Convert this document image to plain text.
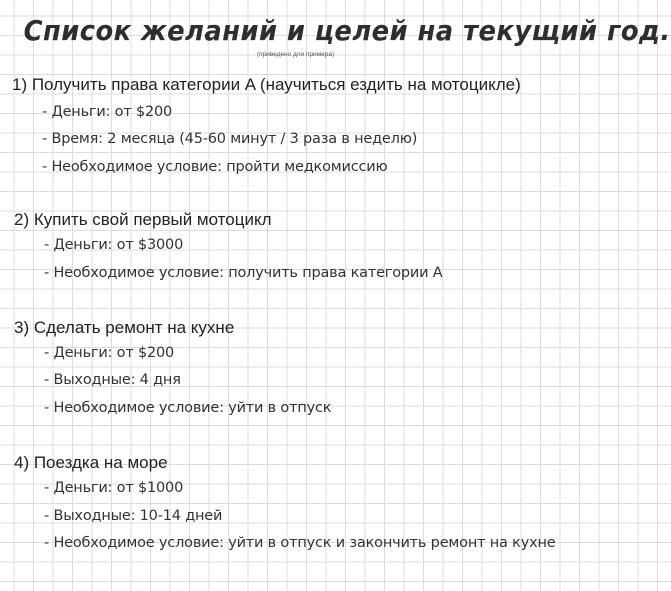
Список желаний и целей на текущий год.
(приведено для примера)
1) Получить права категории A (научиться ездить на мотоцикле)
- Деньги: от $200
- Время: 2 месяца (45-60 минут / 3 раза в неделю)
- Необходимое условие: пройти медкомиссию
2) Купить свой первый мотоцикл
- Деньги: от $3000
- Необходимое условие: получить права категории А
3) Сделать ремонт на кухне
- Деньги: от $200
- Выходные: 4 дня
- Необходимое условие: уйти в отпуск
4) Поездка на море
- Деньги: от $1000
- Выходные: 10-14 дней
- Необходимое условие: уйти в отпуск и закончить ремонт на кухне
